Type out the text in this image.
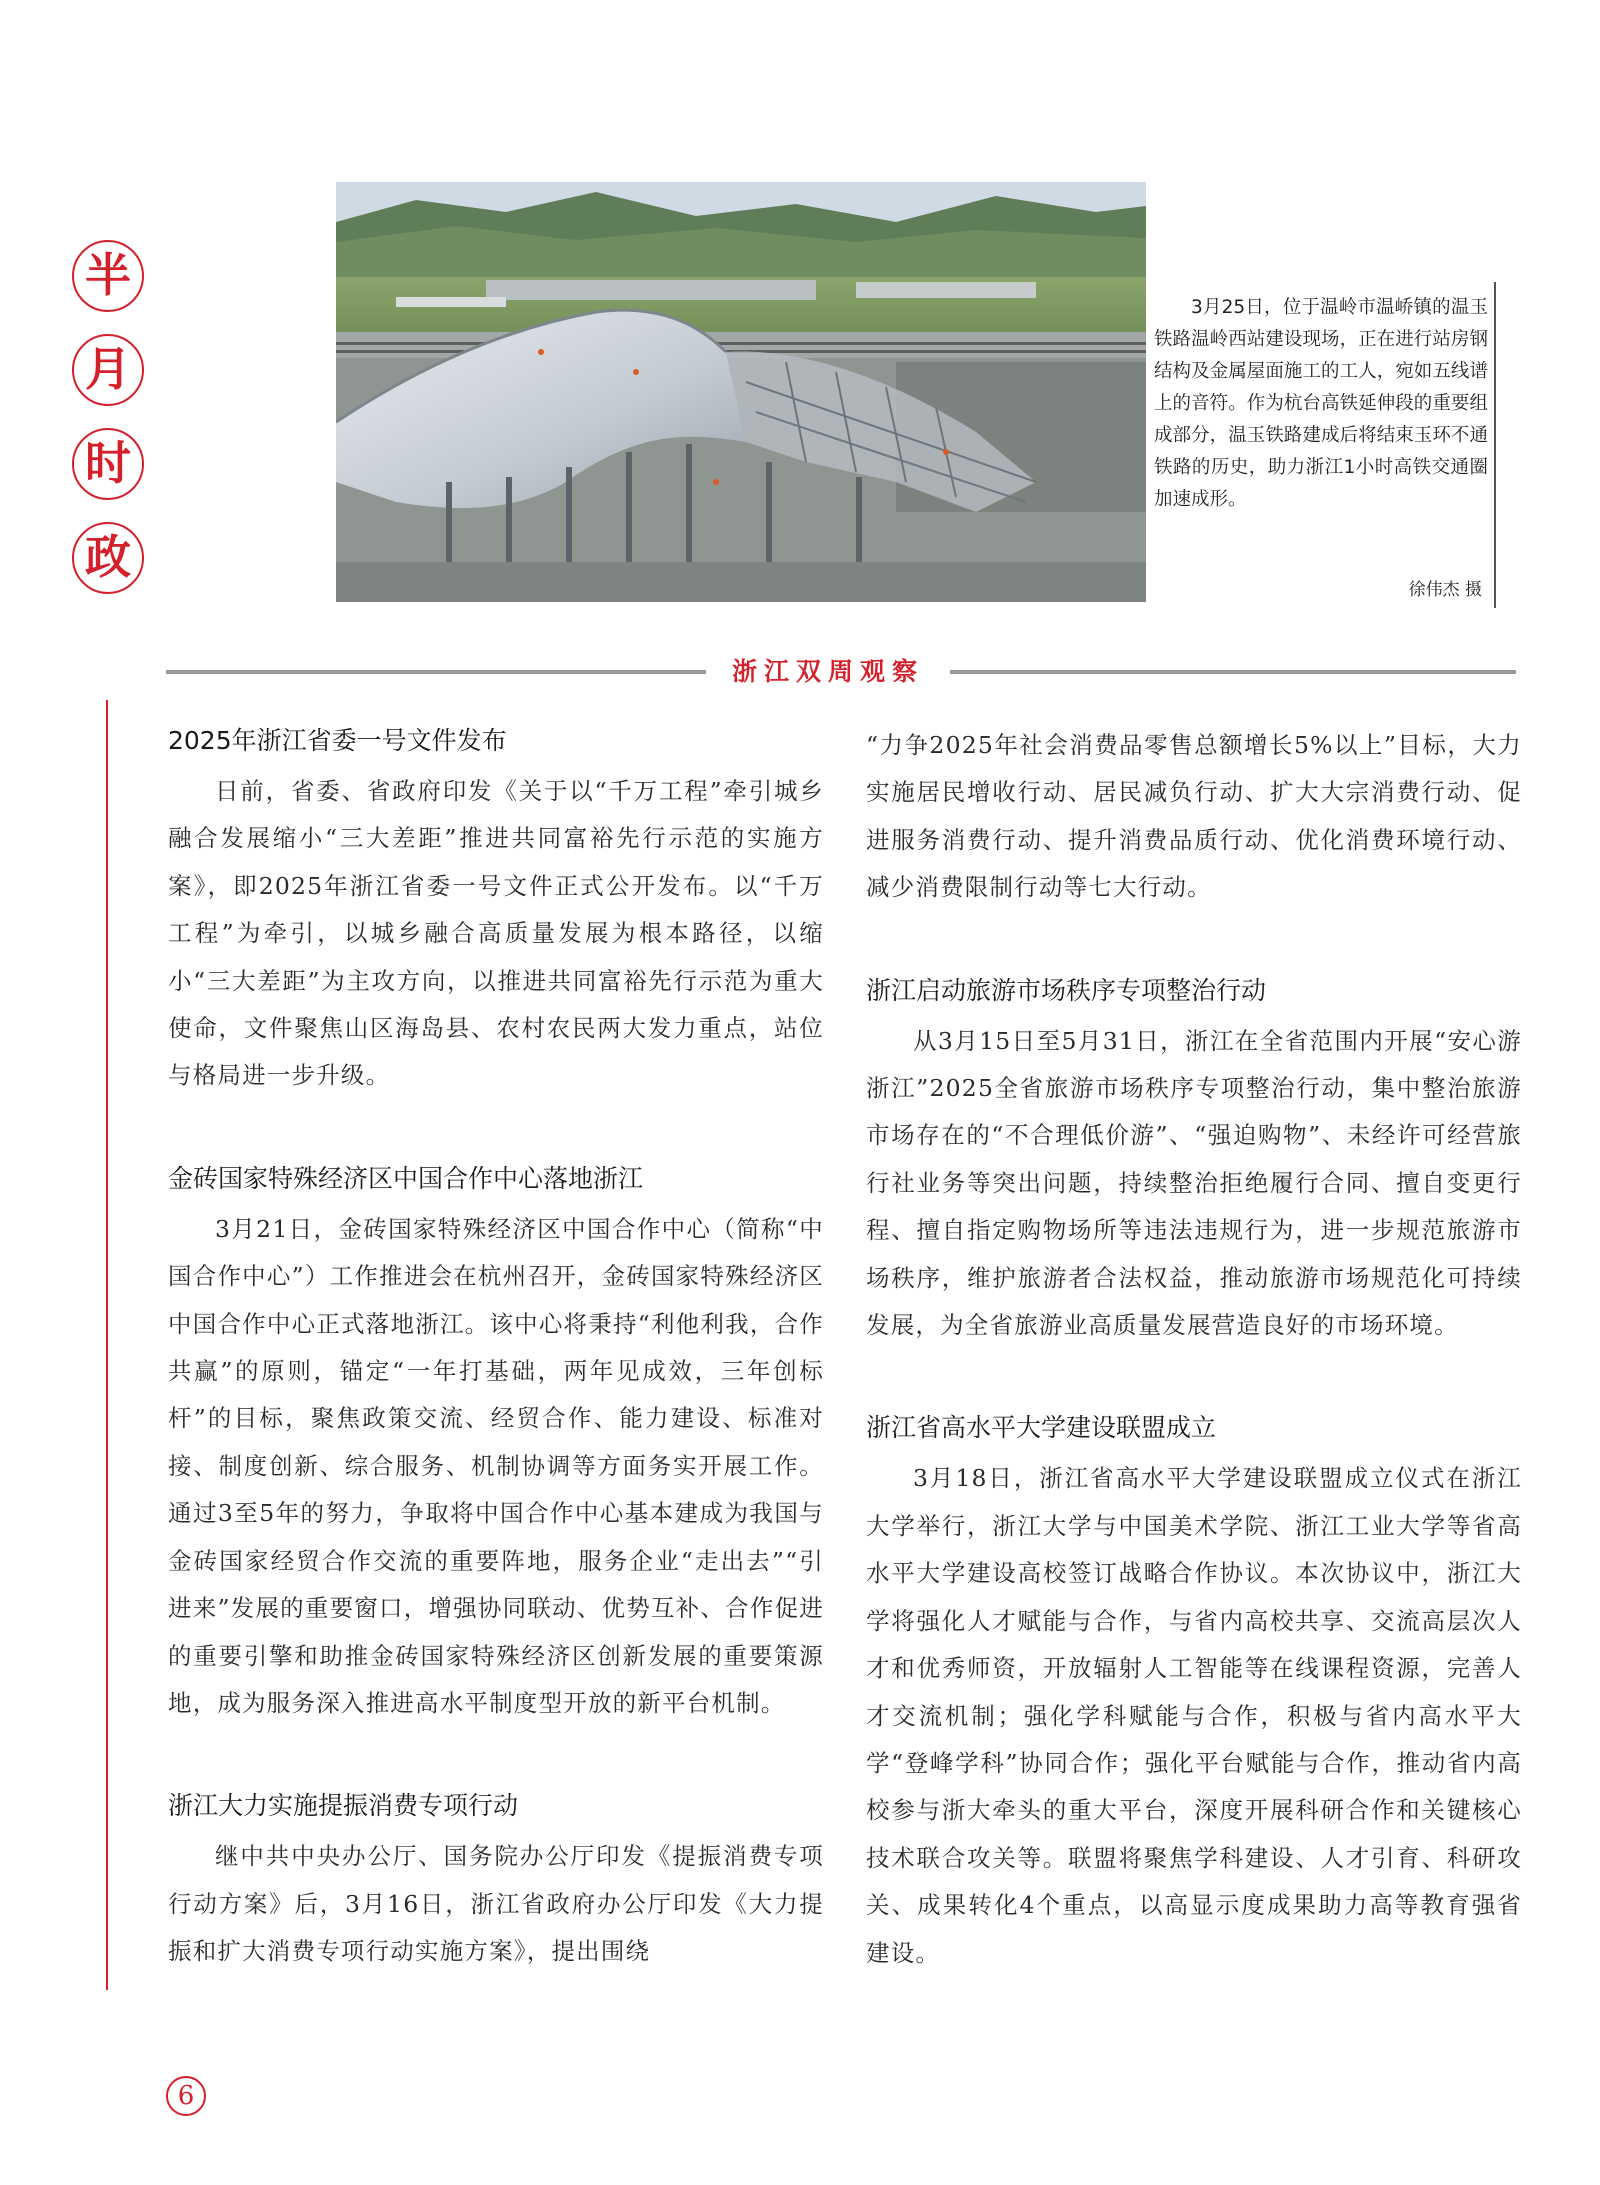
半
月
时
政

3月25日，位于温岭市温峤镇的温玉铁路温岭西站建设现场，正在进行站房钢结构及金属屋面施工的工人，宛如五线谱上的音符。作为杭台高铁延伸段的重要组成部分，温玉铁路建成后将结束玉环不通铁路的历史，助力浙江1小时高铁交通圈加速成形。

徐伟杰 摄
浙江双周观察
2025年浙江省委一号文件发布

日前，省委、省政府印发《关于以“千万工程”牵引城乡融合发展缩小“三大差距”推进共同富裕先行示范的实施方案》，即2025年浙江省委一号文件正式公开发布。以“千万工程”为牵引，以城乡融合高质量发展为根本路径，以缩小“三大差距”为主攻方向，以推进共同富裕先行示范为重大使命，文件聚焦山区海岛县、农村农民两大发力重点，站位与格局进一步升级。

金砖国家特殊经济区中国合作中心落地浙江

3月21日，金砖国家特殊经济区中国合作中心（简称“中国合作中心”）工作推进会在杭州召开，金砖国家特殊经济区中国合作中心正式落地浙江。该中心将秉持“利他利我，合作共赢”的原则，锚定“一年打基础，两年见成效，三年创标杆”的目标，聚焦政策交流、经贸合作、能力建设、标准对接、制度创新、综合服务、机制协调等方面务实开展工作。通过3至5年的努力，争取将中国合作中心基本建成为我国与金砖国家经贸合作交流的重要阵地，服务企业“走出去”“引进来”发展的重要窗口，增强协同联动、优势互补、合作促进的重要引擎和助推金砖国家特殊经济区创新发展的重要策源地，成为服务深入推进高水平制度型开放的新平台机制。

浙江大力实施提振消费专项行动

继中共中央办公厅、国务院办公厅印发《提振消费专项行动方案》后，3月16日，浙江省政府办公厅印发《大力提振和扩大消费专项行动实施方案》，提出围绕

“力争2025年社会消费品零售总额增长5%以上”目标，大力实施居民增收行动、居民减负行动、扩大大宗消费行动、促进服务消费行动、提升消费品质行动、优化消费环境行动、减少消费限制行动等七大行动。

浙江启动旅游市场秩序专项整治行动

从3月15日至5月31日，浙江在全省范围内开展“安心游浙江”2025全省旅游市场秩序专项整治行动，集中整治旅游市场存在的“不合理低价游”、“强迫购物”、未经许可经营旅行社业务等突出问题，持续整治拒绝履行合同、擅自变更行程、擅自指定购物场所等违法违规行为，进一步规范旅游市场秩序，维护旅游者合法权益，推动旅游市场规范化可持续发展，为全省旅游业高质量发展营造良好的市场环境。

浙江省高水平大学建设联盟成立

3月18日，浙江省高水平大学建设联盟成立仪式在浙江大学举行，浙江大学与中国美术学院、浙江工业大学等省高水平大学建设高校签订战略合作协议。本次协议中，浙江大学将强化人才赋能与合作，与省内高校共享、交流高层次人才和优秀师资，开放辐射人工智能等在线课程资源，完善人才交流机制；强化学科赋能与合作，积极与省内高水平大学“登峰学科”协同合作；强化平台赋能与合作，推动省内高校参与浙大牵头的重大平台，深度开展科研合作和关键核心技术联合攻关等。联盟将聚焦学科建设、人才引育、科研攻关、成果转化4个重点，以高显示度成果助力高等教育强省建设。

6
